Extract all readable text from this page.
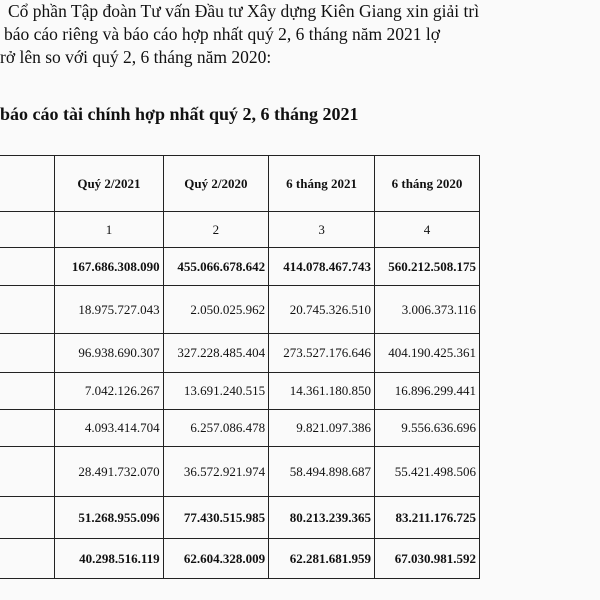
Cổ phần Tập đoàn Tư vấn Đầu tư Xây dựng Kiên Giang xin giải trì
báo cáo riêng và báo cáo hợp nhất quý 2, 6 tháng năm 2021 lợ
rở lên so với quý 2, 6 tháng năm 2020:
báo cáo tài chính hợp nhất quý 2, 6 tháng 2021
	Quý 2/2021	Quý 2/2020	6 tháng 2021	6 tháng 2020
	1	2	3	4
	167.686.308.090	455.066.678.642	414.078.467.743	560.212.508.175
	18.975.727.043	2.050.025.962	20.745.326.510	3.006.373.116
	96.938.690.307	327.228.485.404	273.527.176.646	404.190.425.361
	7.042.126.267	13.691.240.515	14.361.180.850	16.896.299.441
	4.093.414.704	6.257.086.478	9.821.097.386	9.556.636.696
	28.491.732.070	36.572.921.974	58.494.898.687	55.421.498.506
	51.268.955.096	77.430.515.985	80.213.239.365	83.211.176.725
	40.298.516.119	62.604.328.009	62.281.681.959	67.030.981.592
